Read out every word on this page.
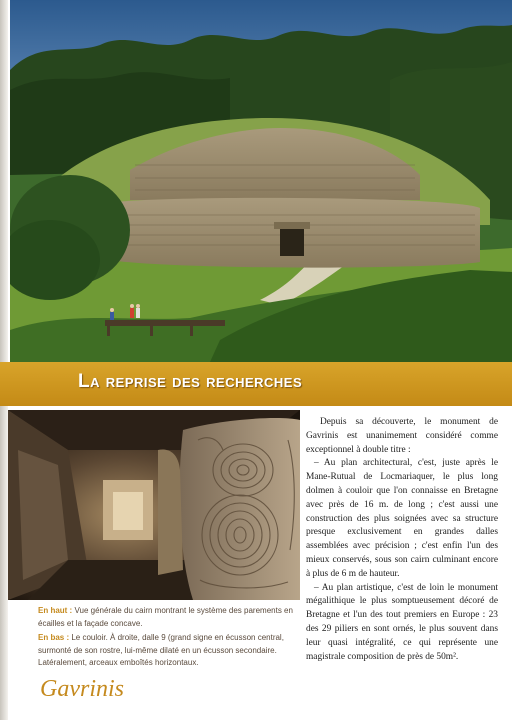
La reprise des recherches

En haut : Vue générale du cairn montrant le système des parements en écailles et la façade concave.

En bas : Le couloir. À droite, dalle 9 (grand signe en écusson central, surmonté de son rostre, lui-même dilaté en un écusson secondaire. Latéralement, arceaux emboîtés horizontaux.

Gavrinis

Depuis sa découverte, le monument de Gavrinis est unanimement considéré comme exceptionnel à double titre :

– Au plan architectural, c'est, juste après le Mane-Rutual de Locmariaquer, le plus long dolmen à couloir que l'on connaisse en Bretagne avec près de 16 m. de long ; c'est aussi une construction des plus soignées avec sa structure presque exclusivement en grandes dalles assemblées avec précision ; c'est enfin l'un des mieux conservés, sous son cairn culminant encore à plus de 6 m de hauteur.

– Au plan artistique, c'est de loin le monument mégalithique le plus somptueusement décoré de Bretagne et l'un des tout premiers en Europe : 23 des 29 piliers en sont ornés, le plus souvent dans leur quasi intégralité, ce qui représente une magistrale composition de près de 50m².
